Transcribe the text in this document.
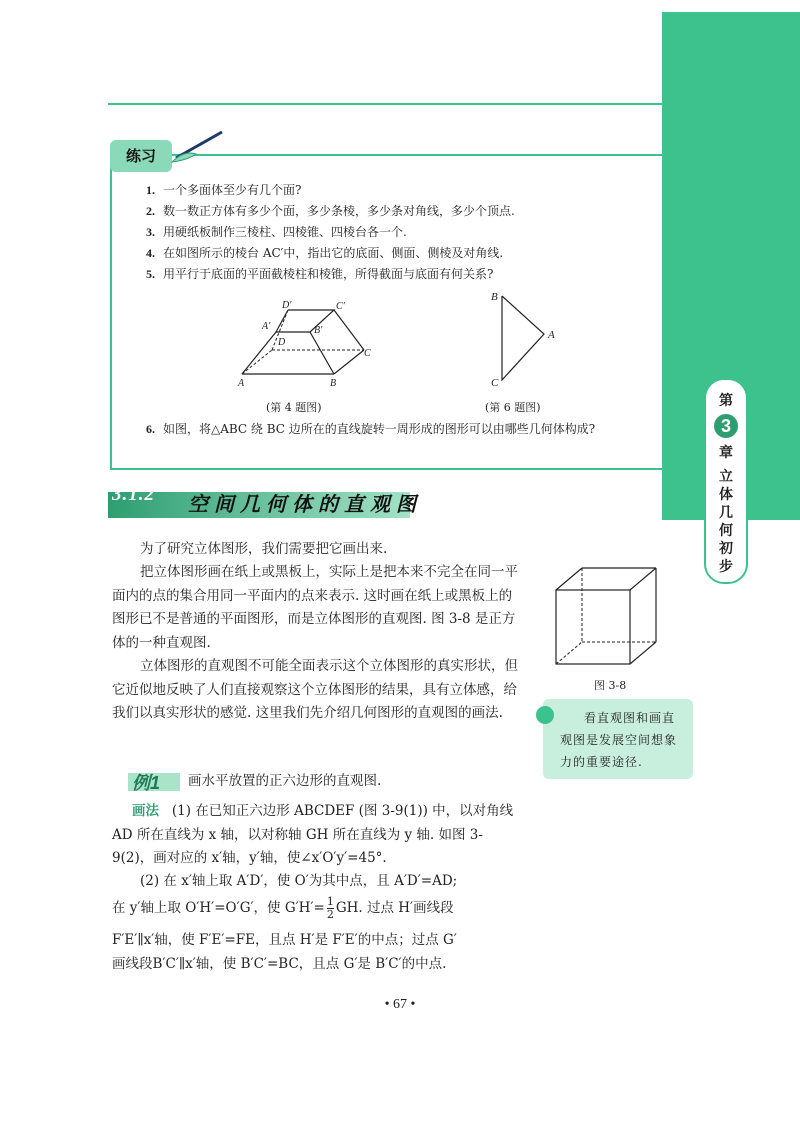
第
3
章
立体几何初步
练习
1. 一个多面体至少有几个面?
2. 数一数正方体有多少个面，多少条棱，多少条对角线，多少个顶点.
3. 用硬纸板制作三棱柱、四棱锥、四棱台各一个.
4. 在如图所示的棱台 AC′中，指出它的底面、侧面、侧棱及对角线.
5. 用平行于底面的平面截棱柱和棱锥，所得截面与底面有何关系?
D′	C′
A′	B′
D
C
A	B
(第 4 题图)
B
A
C
(第 6 题图)
6. 如图，将△ABC 绕 BC 边所在的直线旋转一周形成的图形可以由哪些几何体构成?
3.1.2 空间几何体的直观图

为了研究立体图形，我们需要把它画出来.

把立体图形画在纸上或黑板上，实际上是把本来不完全在同一平面内的点的集合用同一平面内的点来表示. 这时画在纸上或黑板上的图形已不是普通的平面图形，而是立体图形的直观图. 图 3-8 是正方体的一种直观图.

立体图形的直观图不可能全面表示这个立体图形的真实形状，但它近似地反映了人们直接观察这个立体图形的结果，具有立体感，给我们以真实形状的感觉. 这里我们先介绍几何图形的直观图的画法.

图 3-8
看直观图和画直观图是发展空间想象力的重要途径.
例1 画水平放置的正六边形的直观图.

画法 (1) 在已知正六边形 ABCDEF (图 3-9(1)) 中，以对角线 AD 所在直线为 x 轴，以对称轴 GH 所在直线为 y 轴. 如图 3-9(2)，画对应的 x′轴，y′轴，使∠x′O′y′=45°.

(2) 在 x′轴上取 A′D′，使 O′为其中点，且 A′D′=AD;

在 y′轴上取 O′H′=O′G′，使 $G'H'= \frac{1}{2}$ GH. 过点 H′画线段

F′E′∥x′轴，使 F′E′=FE，且点 H′是 F′E′的中点；过点 G′

画线段B′C′∥x′轴，使 B′C′=BC，且点 G′是 B′C′的中点.

• 67 •
